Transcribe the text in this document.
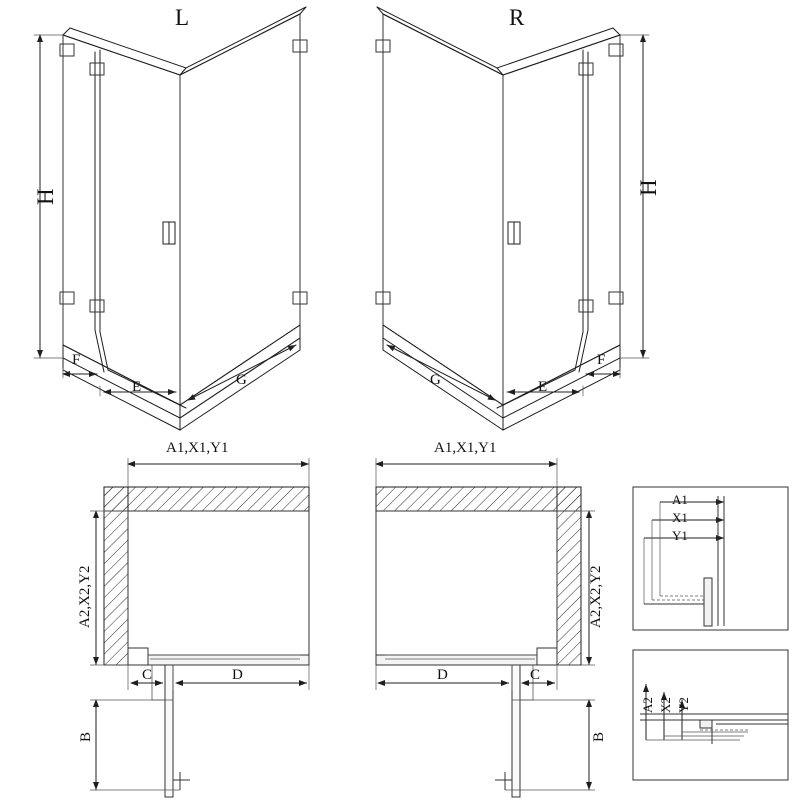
L	R
H
H
F
E	G	G	E
F
A1,X1,Y1	A1,X1,Y1
A2,X2,Y2	A2,X2,Y2
C	D	D	C
B	B
A1
X1
Y1
A2 X2 Y2
